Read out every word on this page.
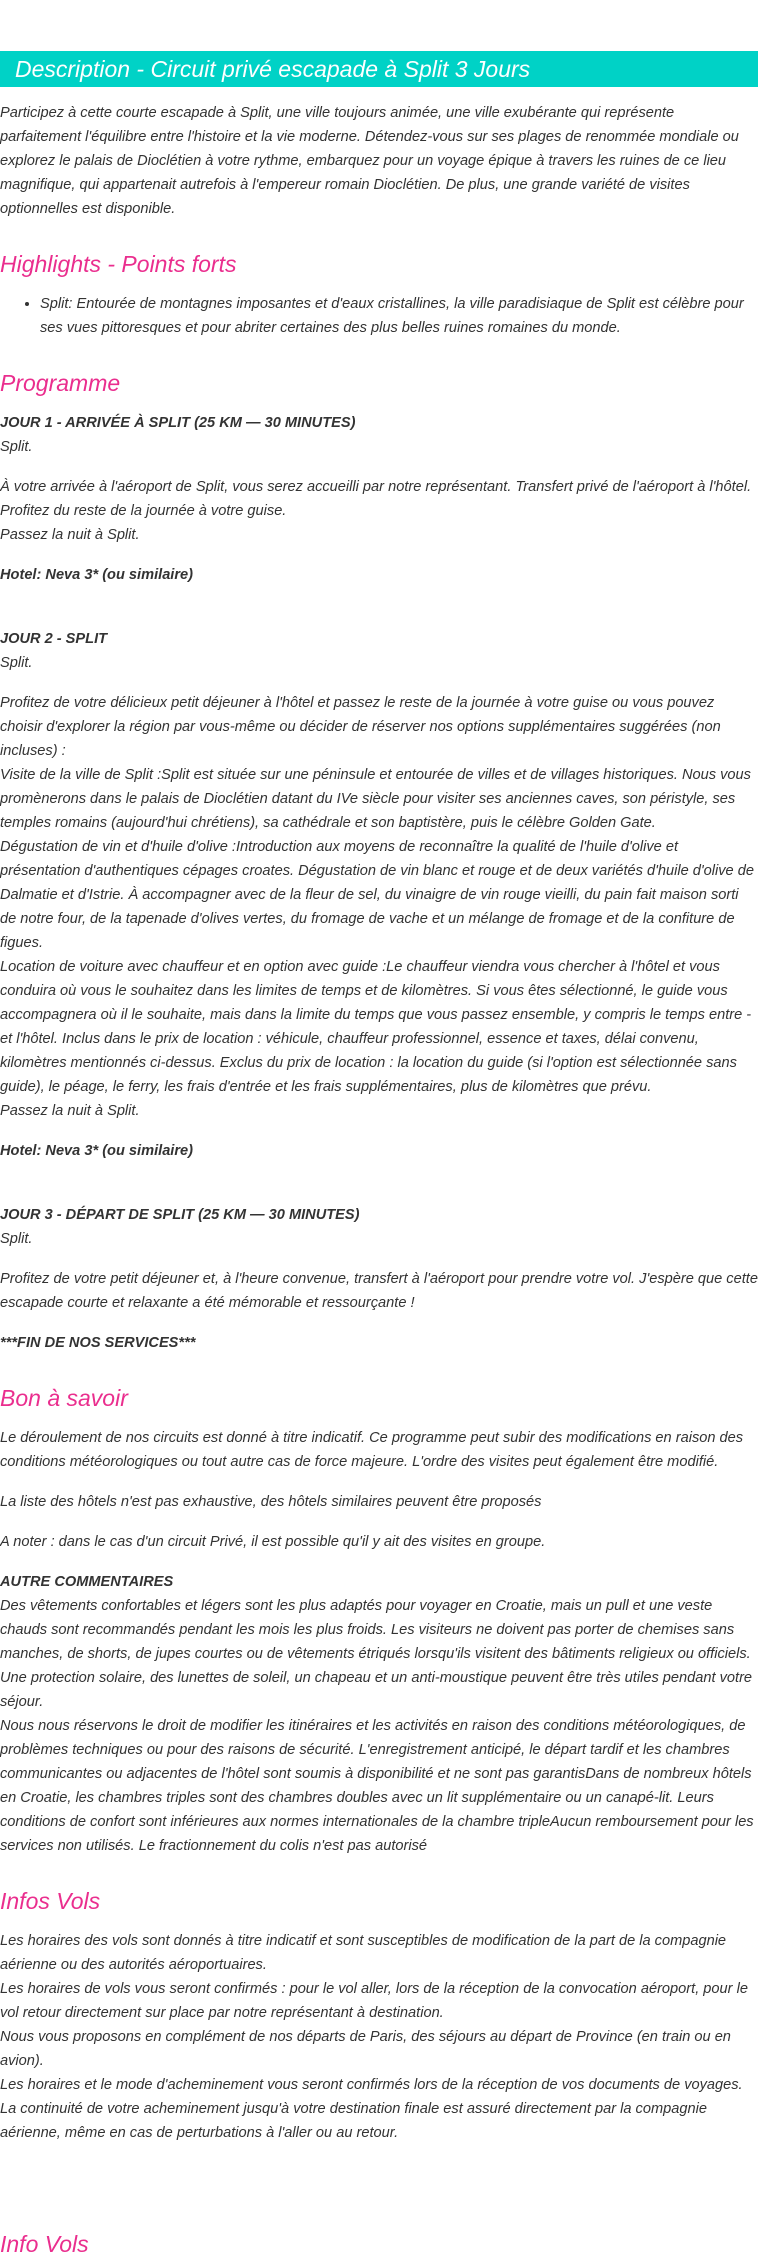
Description - Circuit privé escapade à Split 3 Jours

Participez à cette courte escapade à Split, une ville toujours animée, une ville exubérante qui représente parfaitement l'équilibre entre l'histoire et la vie moderne. Détendez-vous sur ses plages de renommée mondiale ou explorez le palais de Dioclétien à votre rythme, embarquez pour un voyage épique à travers les ruines de ce lieu magnifique, qui appartenait autrefois à l'empereur romain Dioclétien. De plus, une grande variété de visites optionnelles est disponible.

Highlights - Points forts
• Split: Entourée de montagnes imposantes et d'eaux cristallines, la ville paradisiaque de Split est célèbre pour ses vues pittoresques et pour abriter certaines des plus belles ruines romaines du monde.
Programme

JOUR 1 - ARRIVÉE À SPLIT (25 KM — 30 MINUTES)

Split.

À votre arrivée à l'aéroport de Split, vous serez accueilli par notre représentant. Transfert privé de l'aéroport à l'hôtel.

Profitez du reste de la journée à votre guise.

Passez la nuit à Split.

Hotel: Neva 3* (ou similaire)

JOUR 2 - SPLIT

Split.

Profitez de votre délicieux petit déjeuner à l'hôtel et passez le reste de la journée à votre guise ou vous pouvez choisir d'explorer la région par vous-même ou décider de réserver nos options supplémentaires suggérées (non incluses) :

Visite de la ville de Split :Split est située sur une péninsule et entourée de villes et de villages historiques. Nous vous promènerons dans le palais de Dioclétien datant du IVe siècle pour visiter ses anciennes caves, son péristyle, ses temples romains (aujourd'hui chrétiens), sa cathédrale et son baptistère, puis le célèbre Golden Gate.

Dégustation de vin et d'huile d'olive :Introduction aux moyens de reconnaître la qualité de l'huile d'olive et présentation d'authentiques cépages croates. Dégustation de vin blanc et rouge et de deux variétés d'huile d'olive de Dalmatie et d'Istrie. À accompagner avec de la fleur de sel, du vinaigre de vin rouge vieilli, du pain fait maison sorti de notre four, de la tapenade d'olives vertes, du fromage de vache et un mélange de fromage et de la confiture de figues.

Location de voiture avec chauffeur et en option avec guide :Le chauffeur viendra vous chercher à l'hôtel et vous conduira où vous le souhaitez dans les limites de temps et de kilomètres. Si vous êtes sélectionné, le guide vous accompagnera où il le souhaite, mais dans la limite du temps que vous passez ensemble, y compris le temps entre - et l'hôtel. Inclus dans le prix de location : véhicule, chauffeur professionnel, essence et taxes, délai convenu, kilomètres mentionnés ci-dessus. Exclus du prix de location : la location du guide (si l'option est sélectionnée sans guide), le péage, le ferry, les frais d'entrée et les frais supplémentaires, plus de kilomètres que prévu.

Passez la nuit à Split.

Hotel: Neva 3* (ou similaire)

JOUR 3 - DÉPART DE SPLIT (25 KM — 30 MINUTES)

Split.

Profitez de votre petit déjeuner et, à l'heure convenue, transfert à l'aéroport pour prendre votre vol. J'espère que cette escapade courte et relaxante a été mémorable et ressourçante !

***FIN DE NOS SERVICES***

Bon à savoir

Le déroulement de nos circuits est donné à titre indicatif. Ce programme peut subir des modifications en raison des conditions météorologiques ou tout autre cas de force majeure. L'ordre des visites peut également être modifié.

La liste des hôtels n'est pas exhaustive, des hôtels similaires peuvent être proposés

A noter : dans le cas d'un circuit Privé, il est possible qu'il y ait des visites en groupe.

AUTRE COMMENTAIRES

Des vêtements confortables et légers sont les plus adaptés pour voyager en Croatie, mais un pull et une veste chauds sont recommandés pendant les mois les plus froids. Les visiteurs ne doivent pas porter de chemises sans manches, de shorts, de jupes courtes ou de vêtements étriqués lorsqu'ils visitent des bâtiments religieux ou officiels. Une protection solaire, des lunettes de soleil, un chapeau et un anti-moustique peuvent être très utiles pendant votre séjour.

Nous nous réservons le droit de modifier les itinéraires et les activités en raison des conditions météorologiques, de problèmes techniques ou pour des raisons de sécurité. L'enregistrement anticipé, le départ tardif et les chambres communicantes ou adjacentes de l'hôtel sont soumis à disponibilité et ne sont pas garantisDans de nombreux hôtels en Croatie, les chambres triples sont des chambres doubles avec un lit supplémentaire ou un canapé-lit. Leurs conditions de confort sont inférieures aux normes internationales de la chambre tripleAucun remboursement pour les services non utilisés. Le fractionnement du colis n'est pas autorisé

Infos Vols

Les horaires des vols sont donnés à titre indicatif et sont susceptibles de modification de la part de la compagnie aérienne ou des autorités aéroportuaires.

Les horaires de vols vous seront confirmés : pour le vol aller, lors de la réception de la convocation aéroport, pour le vol retour directement sur place par notre représentant à destination.

Nous vous proposons en complément de nos départs de Paris, des séjours au départ de Province (en train ou en avion).

Les horaires et le mode d'acheminement vous seront confirmés lors de la réception de vos documents de voyages.

La continuité de votre acheminement jusqu'à votre destination finale est assuré directement par la compagnie aérienne, même en cas de perturbations à l'aller ou au retour.

Info Vols
